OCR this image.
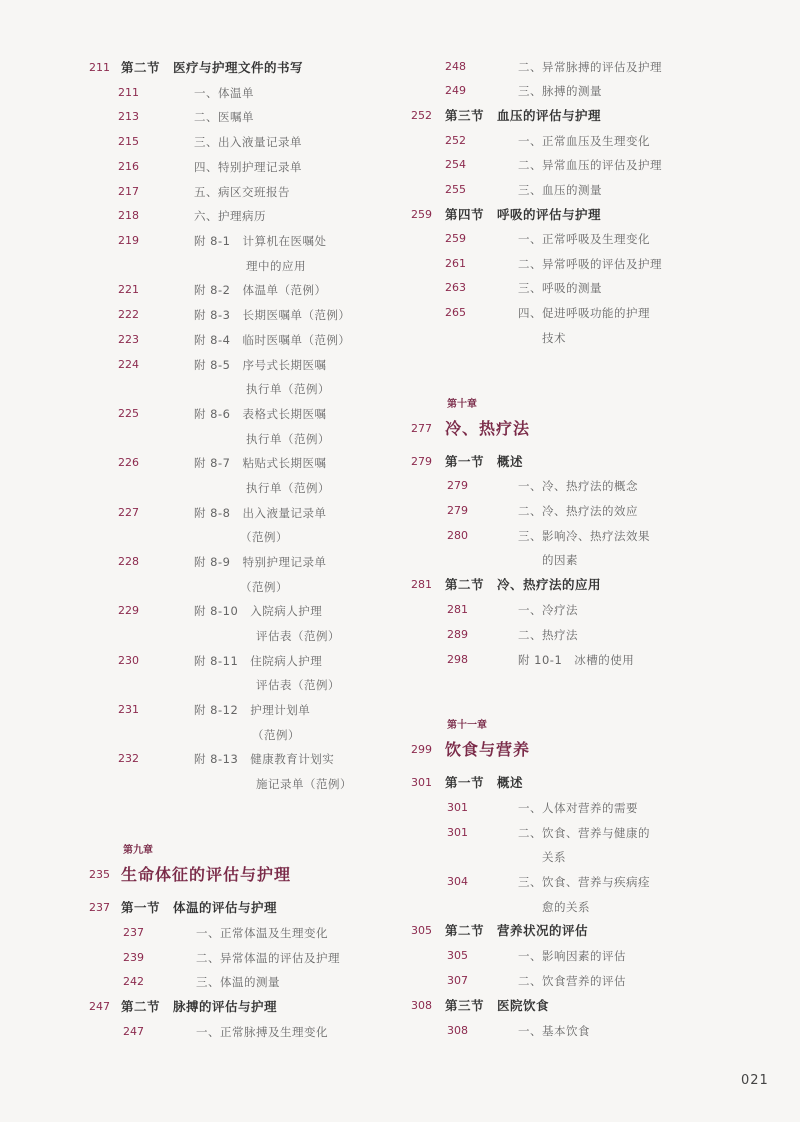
211 第二节　医疗与护理文件的书写
211	一、体温单
213	二、医嘱单
215	三、出入液量记录单
216	四、特别护理记录单
217	五、病区交班报告
218	六、护理病历
219	附 8-1　计算机在医嘱处
理中的应用
221	附 8-2　体温单（范例）
222	附 8-3　长期医嘱单（范例）
223	附 8-4　临时医嘱单（范例）
224	附 8-5　序号式长期医嘱
执行单（范例）
225	附 8-6　表格式长期医嘱
执行单（范例）
226	附 8-7　粘贴式长期医嘱
执行单（范例）
227	附 8-8　出入液量记录单
（范例）
228	附 8-9　特别护理记录单
（范例）
229	附 8-10　入院病人护理
评估表（范例）
230	附 8-11　住院病人护理
评估表（范例）
231	附 8-12　护理计划单
（范例）
232	附 8-13　健康教育计划实
施记录单（范例）
第九章
235 生命体征的评估与护理
237 第一节　体温的评估与护理
237	一、正常体温及生理变化
239	二、异常体温的评估及护理
242	三、体温的测量
247 第二节　脉搏的评估与护理
247	一、正常脉搏及生理变化
248	二、异常脉搏的评估及护理
249	三、脉搏的测量
252 第三节　血压的评估与护理
252	一、正常血压及生理变化
254	二、异常血压的评估及护理
255	三、血压的测量
259 第四节　呼吸的评估与护理
259	一、正常呼吸及生理变化
261	二、异常呼吸的评估及护理
263	三、呼吸的测量
265	四、促进呼吸功能的护理
技术
第十章
277 冷、热疗法
279 第一节　概述
279	一、冷、热疗法的概念
279	二、冷、热疗法的效应
280	三、影响冷、热疗法效果
的因素
281 第二节　冷、热疗法的应用
281	一、冷疗法
289	二、热疗法
298	附 10-1　冰槽的使用
第十一章
299 饮食与营养
301 第一节　概述
301	一、人体对营养的需要
301	二、饮食、营养与健康的
关系
304	三、饮食、营养与疾病痊
愈的关系
305 第二节　营养状况的评估
305	一、影响因素的评估
307	二、饮食营养的评估
308 第三节　医院饮食
308	一、基本饮食
021
